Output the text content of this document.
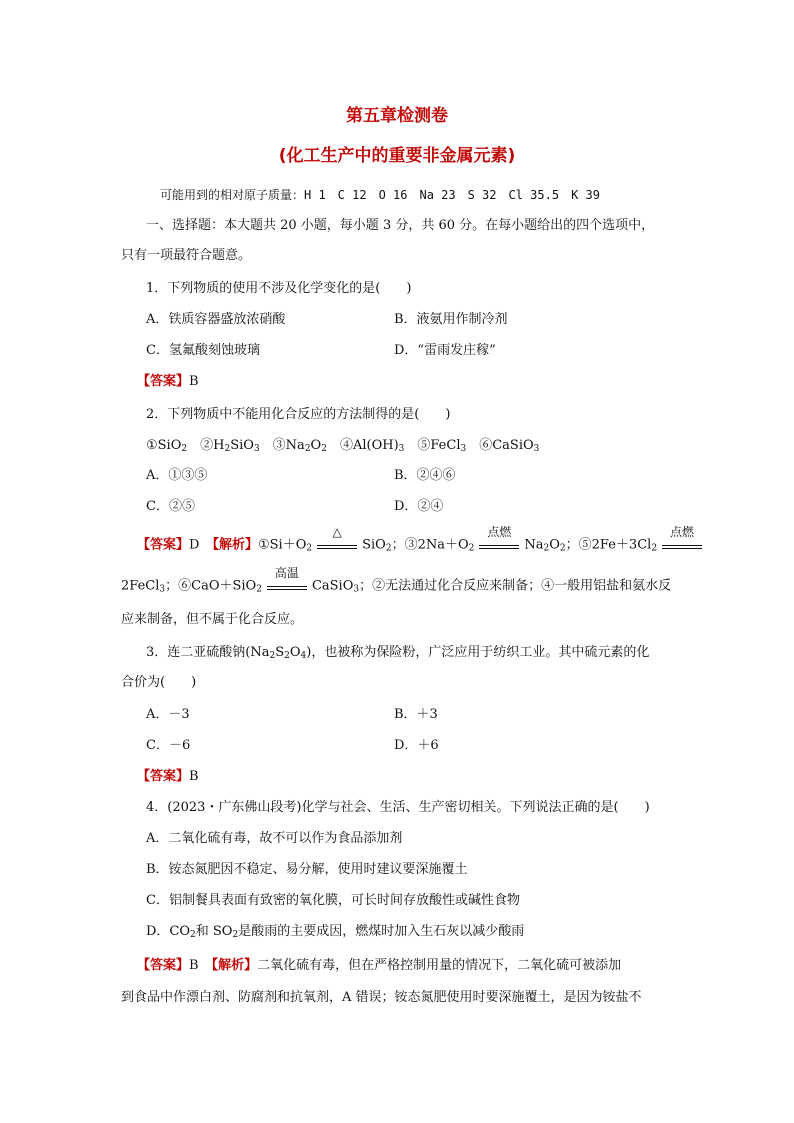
第五章检测卷
(化工生产中的重要非金属元素)
可能用到的相对原子质量：H 1　C 12　O 16　Na 23　S 32　Cl 35.5　K 39
一、选择题：本大题共 20 小题，每小题 3 分，共 60 分。在每小题给出的四个选项中，
只有一项最符合题意。
1．下列物质的使用不涉及化学变化的是(　　)
A．铁质容器盛放浓硝酸	B．液氨用作制冷剂
C．氢氟酸刻蚀玻璃	D．“雷雨发庄稼”
【答案】B
2．下列物质中不能用化合反应的方法制得的是(　　)
①SiO$_2$　$②H_2SiO_3$　$③Na_2O_2$　$④Al(OH)_3$　⑤FeCl$_3$　⑥CaSiO$_3$
A．①③⑤	B．②④⑥
C．②⑤	D．②④
【答案】D　 【解析】$①Si+O_2$
△
SiO$_2$；$③2Na+O_2$
点燃
$Na_2O_2$；$⑤2Fe+3Cl_2$
点燃
2FeCl$_3$；⑥CaO＋SiO$_2$
高温
CaSiO$_3$；②无法通过化合反应来制备；④一般用铝盐和氨水反
应来制备，但不属于化合反应。
3．连二亚硫酸钠$(Na_2S_2O_4)$，也被称为保险粉，广泛应用于纺织工业。其中硫元素的化
合价为(　　)
A．－3	B．＋3
C．－6	D．＋6
【答案】B
4．(2023・广东佛山段考)化学与社会、生活、生产密切相关。下列说法正确的是(　　)
A．二氧化硫有毒，故不可以作为食品添加剂
B．铵态氮肥因不稳定、易分解，使用时建议要深施覆土
C．铝制餐具表面有致密的氧化膜，可长时间存放酸性或碱性食物
D．$CO_2$和 $SO_2$是酸雨的主要成因，燃煤时加入生石灰以减少酸雨
【答案】B　 【解析】二氧化硫有毒，但在严格控制用量的情况下，二氧化硫可被添加
到食品中作漂白剂、防腐剂和抗氧剂，A 错误；铵态氮肥使用时要深施覆土，是因为铵盐不
